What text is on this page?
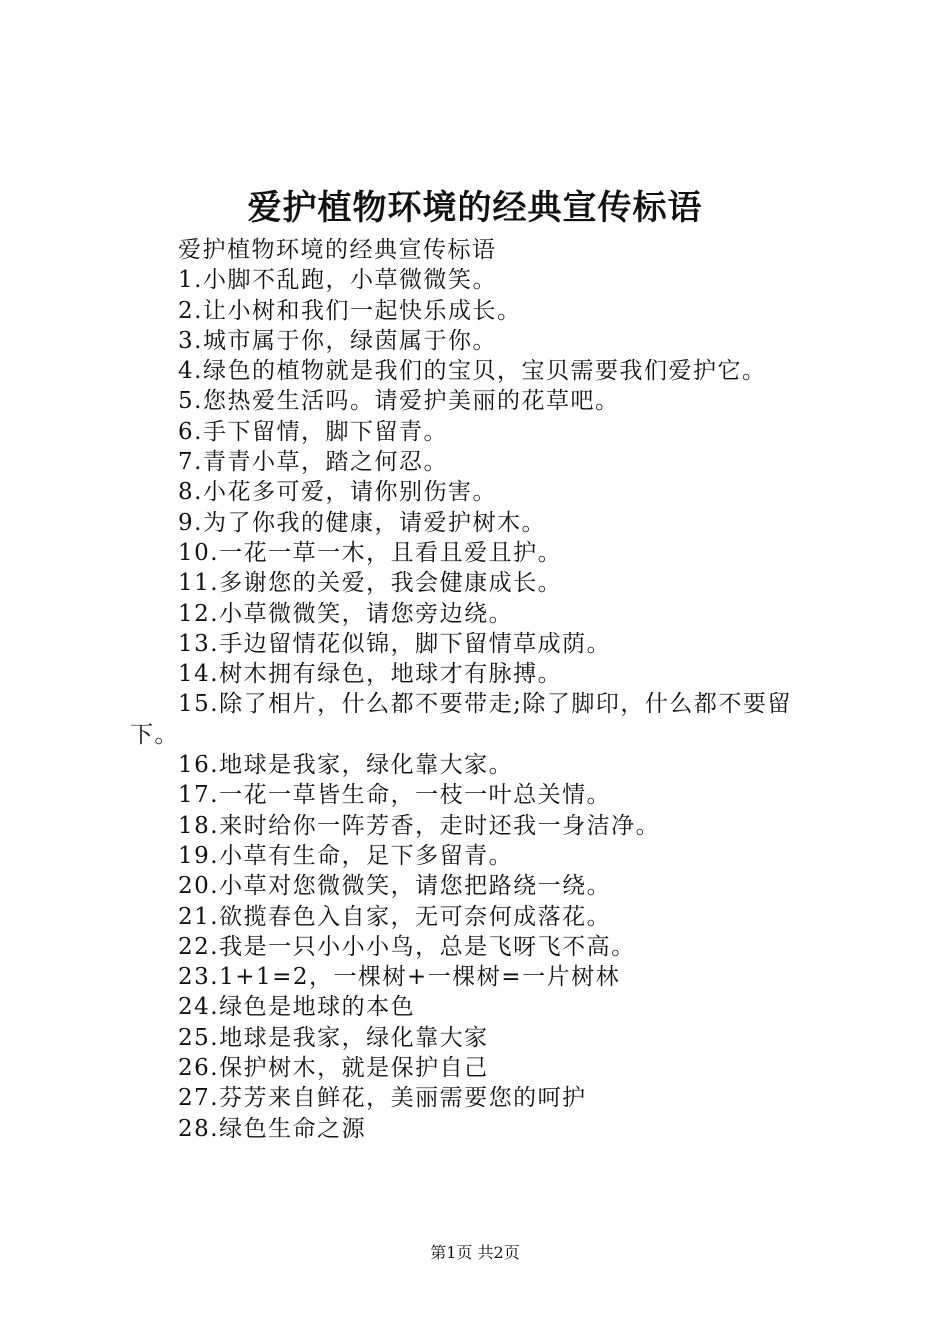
爱护植物环境的经典宣传标语

爱护植物环境的经典宣传标语

1.小脚不乱跑，小草微微笑。

2.让小树和我们一起快乐成长。

3.城市属于你，绿茵属于你。

4.绿色的植物就是我们的宝贝，宝贝需要我们爱护它。

5.您热爱生活吗。请爱护美丽的花草吧。

6.手下留情，脚下留青。

7.青青小草，踏之何忍。

8.小花多可爱，请你别伤害。

9.为了你我的健康，请爱护树木。

10.一花一草一木，且看且爱且护。

11.多谢您的关爱，我会健康成长。

12.小草微微笑，请您旁边绕。

13.手边留情花似锦，脚下留情草成荫。

14.树木拥有绿色，地球才有脉搏。

15.除了相片，什么都不要带走;除了脚印，什么都不要留下。

16.地球是我家，绿化靠大家。

17.一花一草皆生命，一枝一叶总关情。

18.来时给你一阵芳香，走时还我一身洁净。

19.小草有生命，足下多留青。

20.小草对您微微笑，请您把路绕一绕。

21.欲揽春色入自家，无可奈何成落花。

22.我是一只小小小鸟，总是飞呀飞不高。

23.1+1=2，一棵树+一棵树=一片树林

24.绿色是地球的本色

25.地球是我家，绿化靠大家

26.保护树木，就是保护自己

27.芬芳来自鲜花，美丽需要您的呵护

28.绿色生命之源

第1页 共2页
